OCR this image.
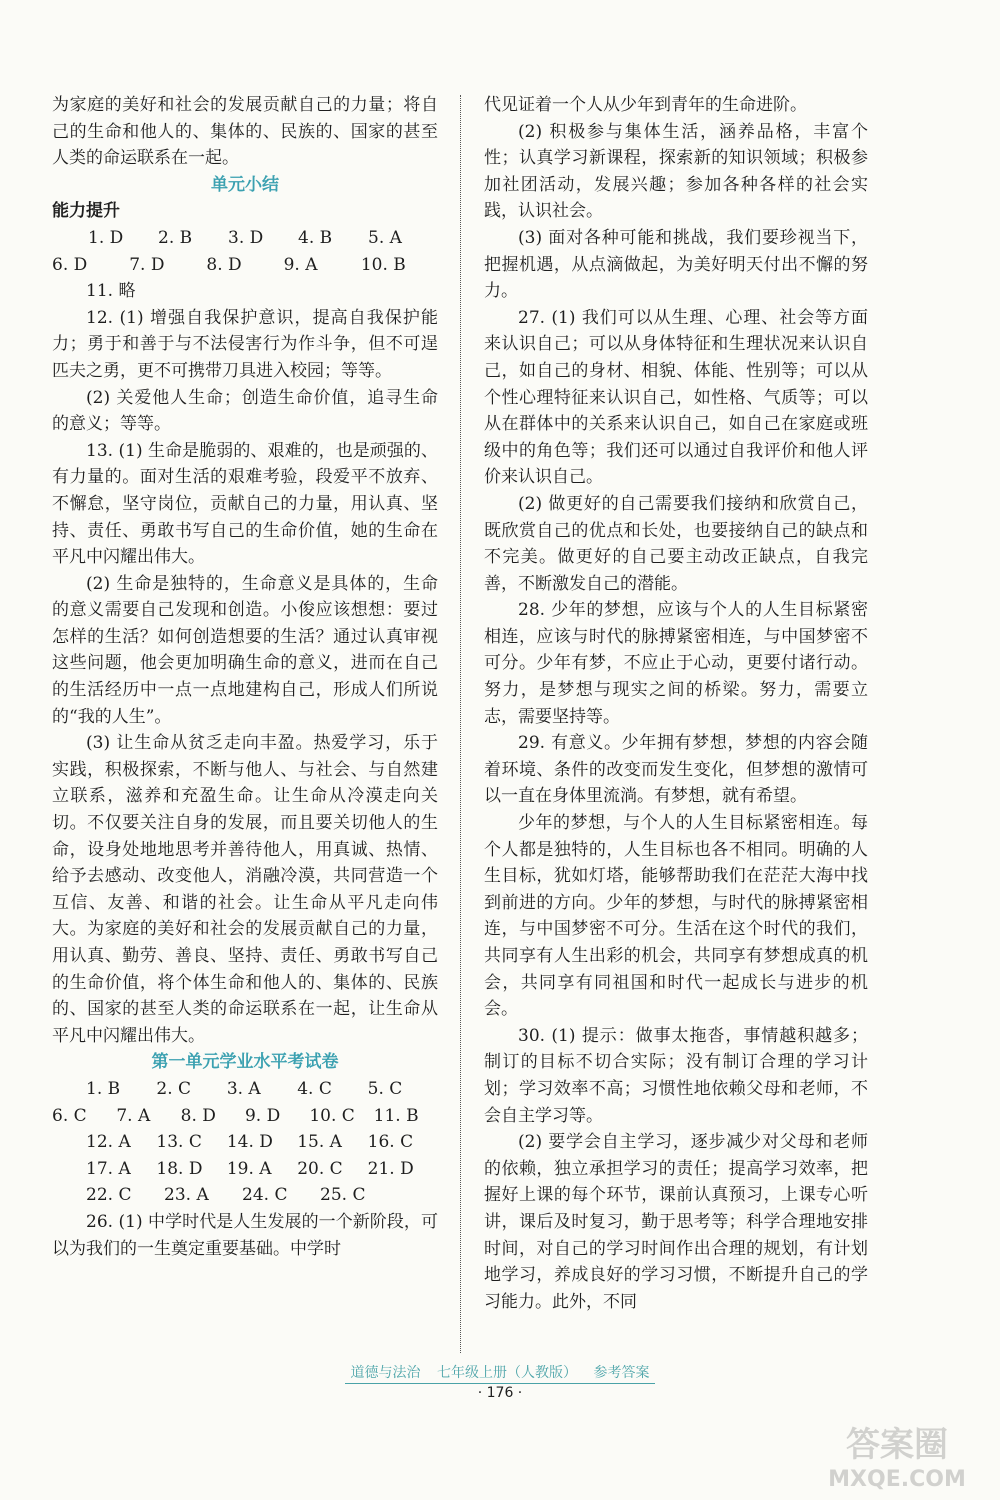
为家庭的美好和社会的发展贡献自己的力量；将自己的生命和他人的、集体的、民族的、国家的甚至人类的命运联系在一起。

单元小结

能力提升

1. D	2. B	3. D	4. B	5. A
6. D	7. D	8. D	9. A	10. B

11. 略

12. (1) 增强自我保护意识，提高自我保护能力；勇于和善于与不法侵害行为作斗争，但不可逞匹夫之勇，更不可携带刀具进入校园；等等。

(2) 关爱他人生命；创造生命价值，追寻生命的意义；等等。

13. (1) 生命是脆弱的、艰难的，也是顽强的、有力量的。面对生活的艰难考验，段爱平不放弃、不懈怠，坚守岗位，贡献自己的力量，用认真、坚持、责任、勇敢书写自己的生命价值，她的生命在平凡中闪耀出伟大。

(2) 生命是独特的，生命意义是具体的，生命的意义需要自己发现和创造。小俊应该想想：要过怎样的生活？如何创造想要的生活？通过认真审视这些问题，他会更加明确生命的意义，进而在自己的生活经历中一点一点地建构自己，形成人们所说的“我的人生”。

(3) 让生命从贫乏走向丰盈。热爱学习，乐于实践，积极探索，不断与他人、与社会、与自然建立联系，滋养和充盈生命。让生命从冷漠走向关切。不仅要关注自身的发展，而且要关切他人的生命，设身处地地思考并善待他人，用真诚、热情、给予去感动、改变他人，消融冷漠，共同营造一个互信、友善、和谐的社会。让生命从平凡走向伟大。为家庭的美好和社会的发展贡献自己的力量，用认真、勤劳、善良、坚持、责任、勇敢书写自己的生命价值，将个体生命和他人的、集体的、民族的、国家的甚至人类的命运联系在一起，让生命从平凡中闪耀出伟大。

第一单元学业水平考试卷

1. B	2. C	3. A	4. C	5. C
6. C	7. A	8. D	9. D	10. C	11. B
12. A	13. C	14. D	15. A	16. C
17. A	18. D	19. A	20. C	21. D
22. C	23. A	24. C	25. C

26. (1) 中学时代是人生发展的一个新阶段，可以为我们的一生奠定重要基础。中学时

代见证着一个人从少年到青年的生命进阶。

(2) 积极参与集体生活，涵养品格，丰富个性；认真学习新课程，探索新的知识领域；积极参加社团活动，发展兴趣；参加各种各样的社会实践，认识社会。

(3) 面对各种可能和挑战，我们要珍视当下，把握机遇，从点滴做起，为美好明天付出不懈的努力。

27. (1) 我们可以从生理、心理、社会等方面来认识自己；可以从身体特征和生理状况来认识自己，如自己的身材、相貌、体能、性别等；可以从个性心理特征来认识自己，如性格、气质等；可以从在群体中的关系来认识自己，如自己在家庭或班级中的角色等；我们还可以通过自我评价和他人评价来认识自己。

(2) 做更好的自己需要我们接纳和欣赏自己，既欣赏自己的优点和长处，也要接纳自己的缺点和不完美。做更好的自己要主动改正缺点，自我完善，不断激发自己的潜能。

28. 少年的梦想，应该与个人的人生目标紧密相连，应该与时代的脉搏紧密相连，与中国梦密不可分。少年有梦，不应止于心动，更要付诸行动。努力，是梦想与现实之间的桥梁。努力，需要立志，需要坚持等。

29. 有意义。少年拥有梦想，梦想的内容会随着环境、条件的改变而发生变化，但梦想的激情可以一直在身体里流淌。有梦想，就有希望。

少年的梦想，与个人的人生目标紧密相连。每个人都是独特的，人生目标也各不相同。明确的人生目标，犹如灯塔，能够帮助我们在茫茫大海中找到前进的方向。少年的梦想，与时代的脉搏紧密相连，与中国梦密不可分。生活在这个时代的我们，共同享有人生出彩的机会，共同享有梦想成真的机会，共同享有同祖国和时代一起成长与进步的机会。

30. (1) 提示：做事太拖沓，事情越积越多；制订的目标不切合实际；没有制订合理的学习计划；学习效率不高；习惯性地依赖父母和老师，不会自主学习等。

(2) 要学会自主学习，逐步减少对父母和老师的依赖，独立承担学习的责任；提高学习效率，把握好上课的每个环节，课前认真预习，上课专心听讲，课后及时复习，勤于思考等；科学合理地安排时间，对自己的学习时间作出合理的规划，有计划地学习，养成良好的学习习惯，不断提升自己的学习能力。此外，不同

道德与法治 七年级上册（人教版） 参考答案
· 176 ·
答案圈
MXQE.COM
